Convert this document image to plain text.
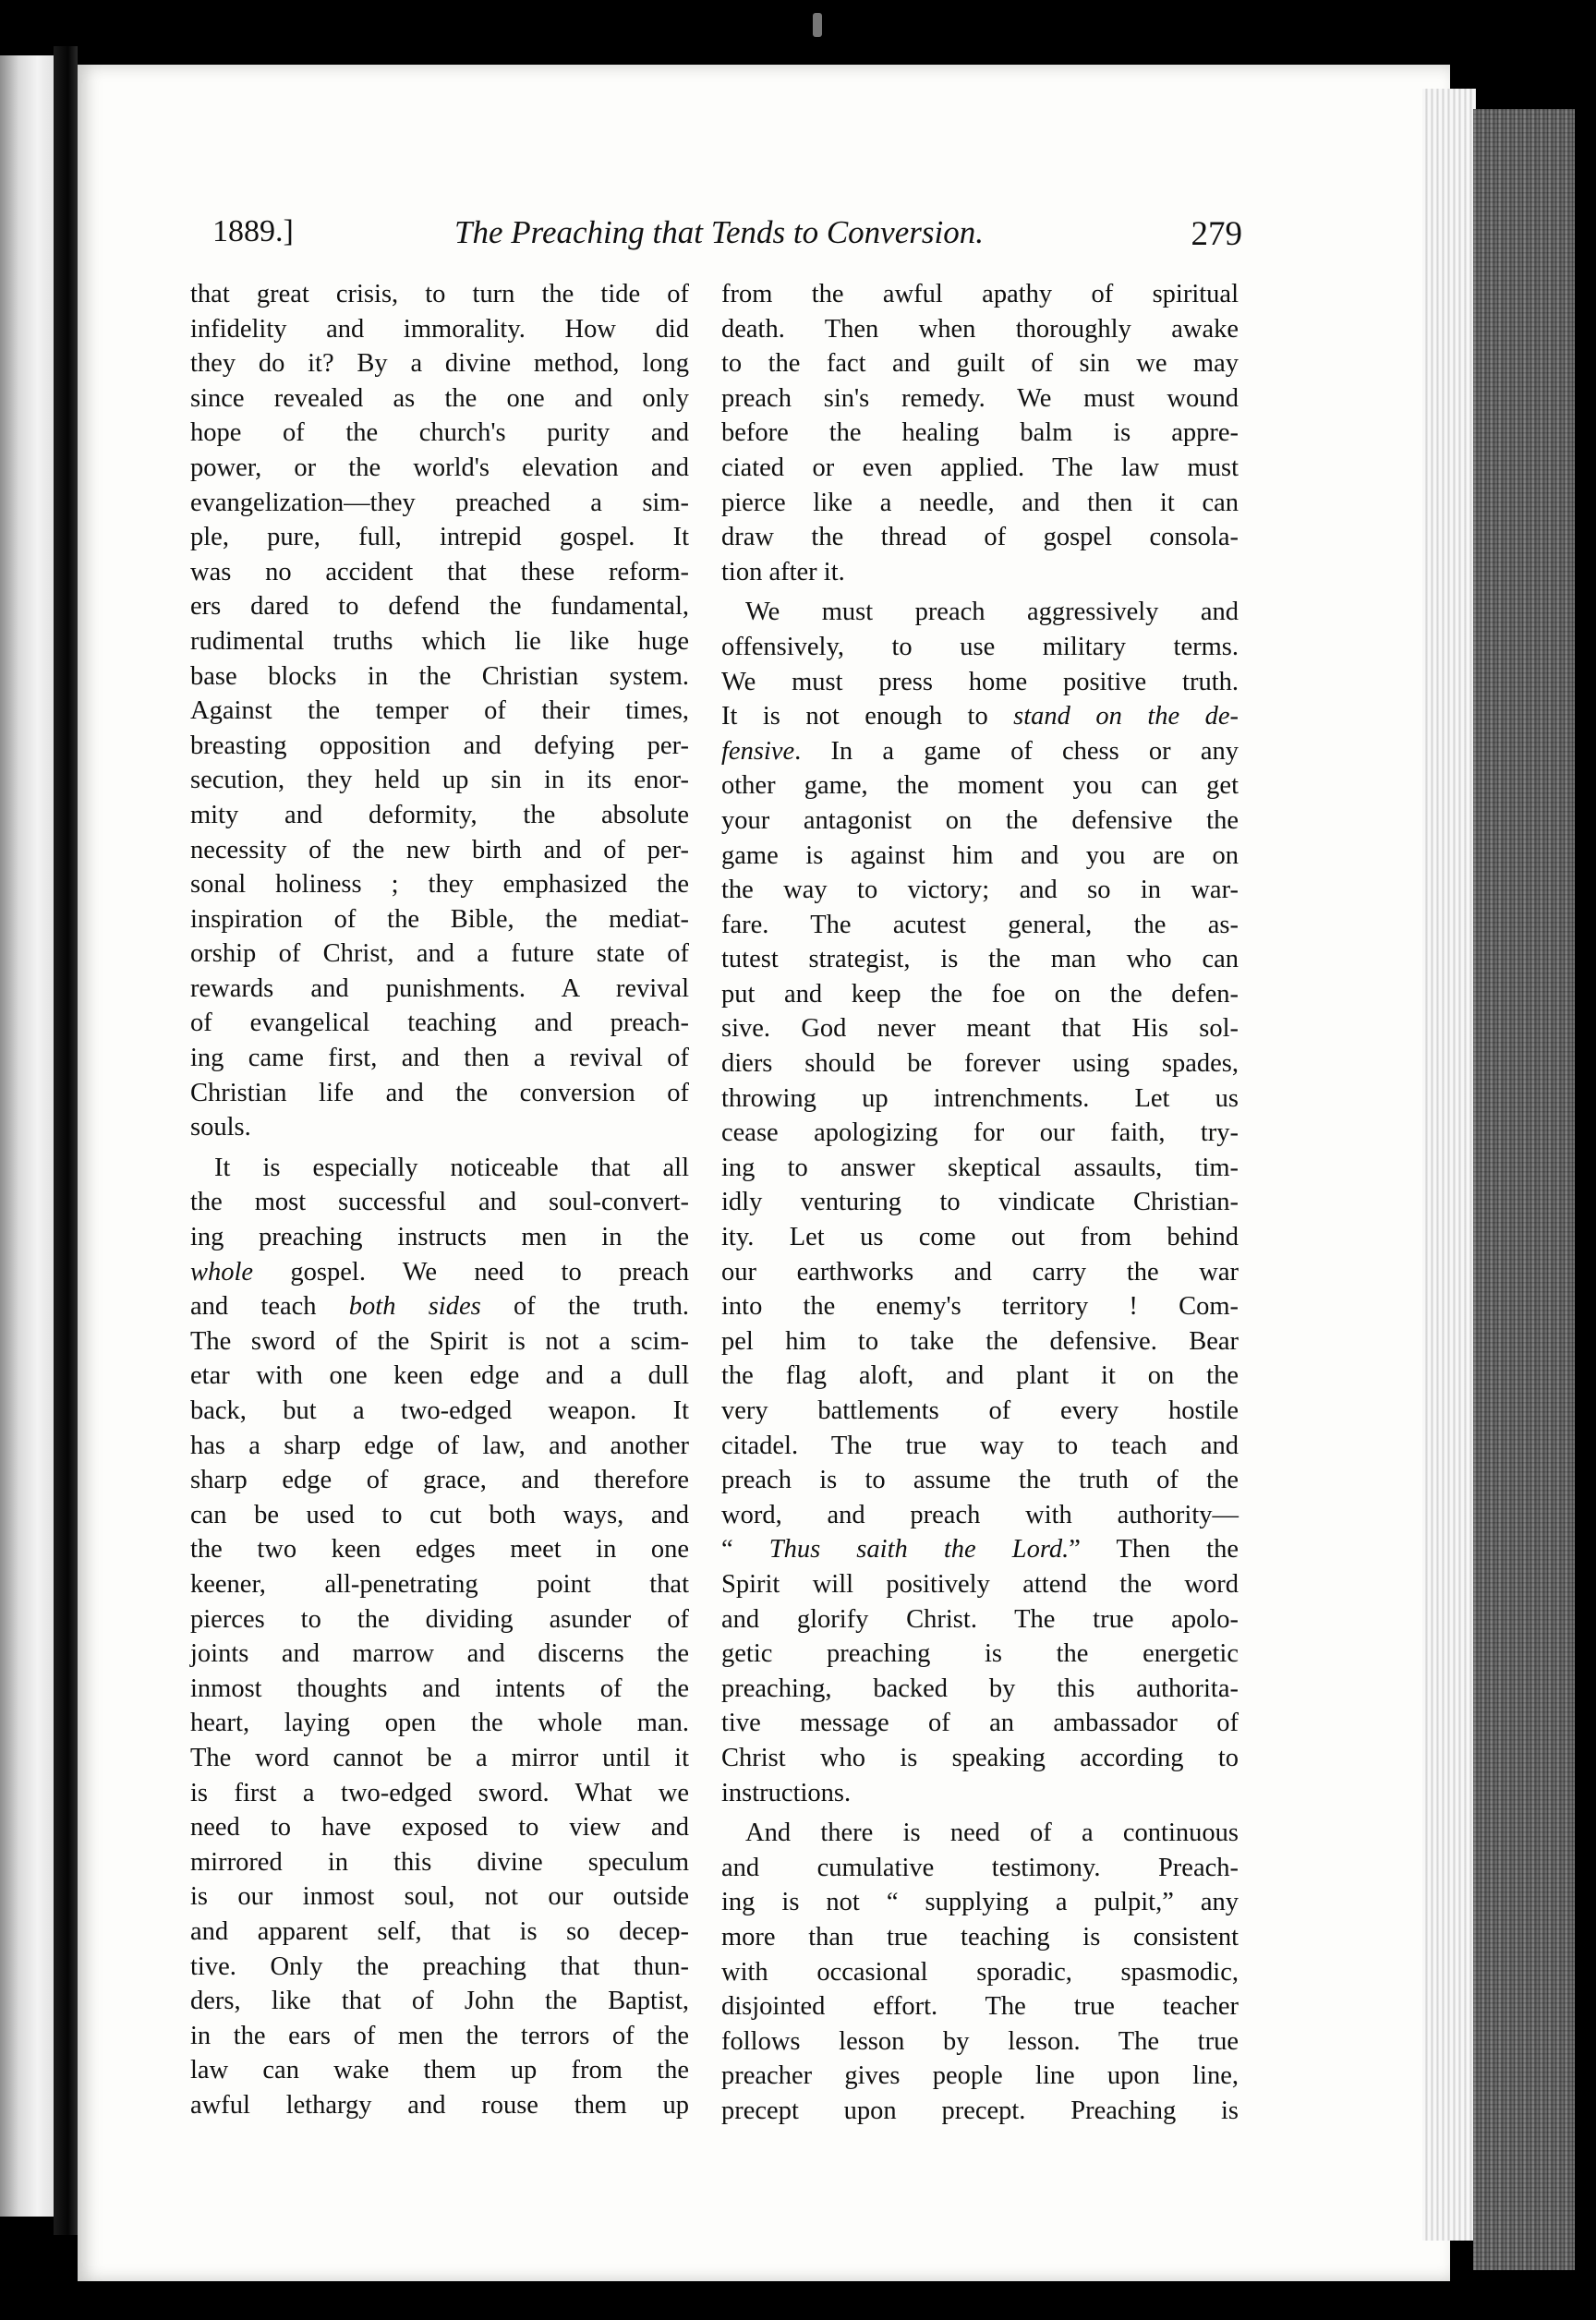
1889.]	The Preaching that Tends to Conversion.	279
that great crisis, to turn the tide of
infidelity and immorality. How did
they do it? By a divine method, long
since revealed as the one and only
hope of the church's purity and
power, or the world's elevation and
evangelization—they preached a sim-
ple, pure, full, intrepid gospel. It
was no accident that these reform-
ers dared to defend the fundamental,
rudimental truths which lie like huge
base blocks in the Christian system.
Against the temper of their times,
breasting opposition and defying per-
secution, they held up sin in its enor-
mity and deformity, the absolute
necessity of the new birth and of per-
sonal holiness ; they emphasized the
inspiration of the Bible, the mediat-
orship of Christ, and a future state of
rewards and punishments. A revival
of evangelical teaching and preach-
ing came first, and then a revival of
Christian life and the conversion of
souls.
It is especially noticeable that all
the most successful and soul-convert-
ing preaching instructs men in the
whole gospel. We need to preach
and teach both sides of the truth.
The sword of the Spirit is not a scim-
etar with one keen edge and a dull
back, but a two-edged weapon. It
has a sharp edge of law, and another
sharp edge of grace, and therefore
can be used to cut both ways, and
the two keen edges meet in one
keener, all-penetrating point that
pierces to the dividing asunder of
joints and marrow and discerns the
inmost thoughts and intents of the
heart, laying open the whole man.
The word cannot be a mirror until it
is first a two-edged sword. What we
need to have exposed to view and
mirrored in this divine speculum
is our inmost soul, not our outside
and apparent self, that is so decep-
tive. Only the preaching that thun-
ders, like that of John the Baptist,
in the ears of men the terrors of the
law can wake them up from the
awful lethargy and rouse them up
from the awful apathy of spiritual
death. Then when thoroughly awake
to the fact and guilt of sin we may
preach sin's remedy. We must wound
before the healing balm is appre-
ciated or even applied. The law must
pierce like a needle, and then it can
draw the thread of gospel consola-
tion after it.
We must preach aggressively and
offensively, to use military terms.
We must press home positive truth.
It is not enough to stand on the de-
fensive. In a game of chess or any
other game, the moment you can get
your antagonist on the defensive the
game is against him and you are on
the way to victory; and so in war-
fare. The acutest general, the as-
tutest strategist, is the man who can
put and keep the foe on the defen-
sive. God never meant that His sol-
diers should be forever using spades,
throwing up intrenchments. Let us
cease apologizing for our faith, try-
ing to answer skeptical assaults, tim-
idly venturing to vindicate Christian-
ity. Let us come out from behind
our earthworks and carry the war
into the enemy's territory ! Com-
pel him to take the defensive. Bear
the flag aloft, and plant it on the
very battlements of every hostile
citadel. The true way to teach and
preach is to assume the truth of the
word, and preach with authority—
“ Thus saith the Lord.” Then the
Spirit will positively attend the word
and glorify Christ. The true apolo-
getic preaching is the energetic
preaching, backed by this authorita-
tive message of an ambassador of
Christ who is speaking according to
instructions.
And there is need of a continuous
and cumulative testimony. Preach-
ing is not “ supplying a pulpit,” any
more than true teaching is consistent
with occasional sporadic, spasmodic,
disjointed effort. The true teacher
follows lesson by lesson. The true
preacher gives people line upon line,
precept upon precept. Preaching is
